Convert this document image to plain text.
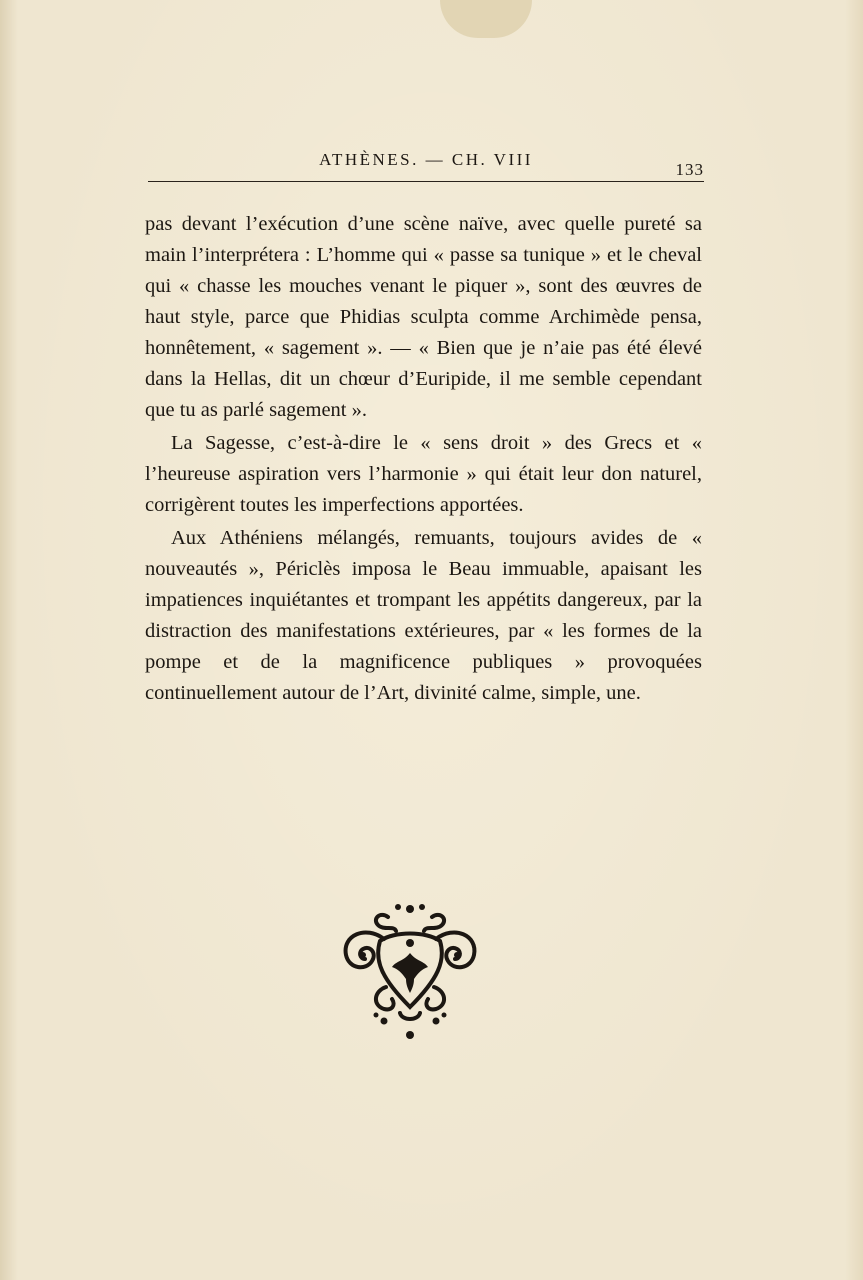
ATHÈNES. — CH. VIII
133

pas devant l’exécution d’une scène naïve, avec quelle pureté sa main l’interprétera : L’homme qui « passe sa tunique » et le cheval qui « chasse les mouches venant le piquer », sont des œuvres de haut style, parce que Phidias sculpta comme Archimède pensa, honnêtement, « sagement ». — « Bien que je n’aie pas été élevé dans la Hellas, dit un chœur d’Euripide, il me semble cependant que tu as parlé sagement ».

La Sagesse, c’est-à-dire le « sens droit » des Grecs et « l’heureuse aspiration vers l’harmonie » qui était leur don naturel, corrigèrent toutes les imperfections apportées.

Aux Athéniens mélangés, remuants, toujours avides de « nouveautés », Périclès imposa le Beau immuable, apaisant les impatiences inquiétantes et trompant les appétits dangereux, par la distraction des manifestations extérieures, par « les formes de la pompe et de la magnificence publiques » provoquées continuellement autour de l’Art, divinité calme, simple, une.
